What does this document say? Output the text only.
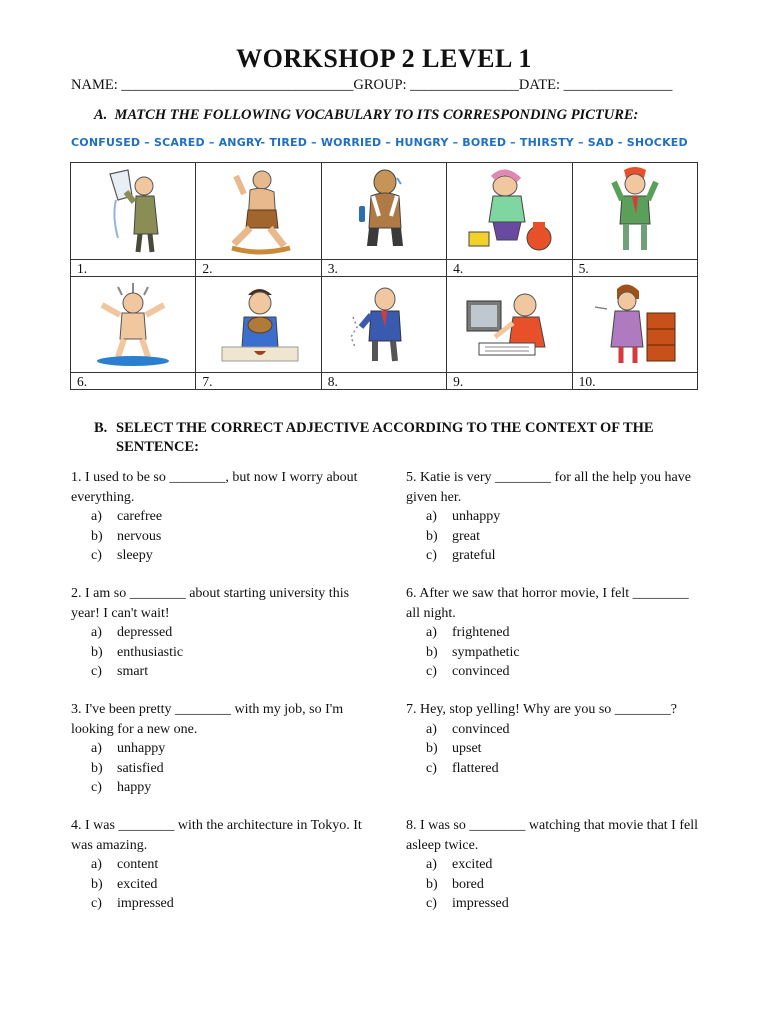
WORKSHOP 2 LEVEL 1
NAME: ________________________________GROUP: _______________DATE: _______________
A. MATCH THE FOLLOWING VOCABULARY TO ITS CORRESPONDING PICTURE:
CONFUSED – SCARED – ANGRY- TIRED – WORRIED – HUNGRY – BORED – THIRSTY – SAD - SHOCKED

1.	2.	3.	4.	5.

6.	7.	8.	9.	10.
B. SELECT THE CORRECT ADJECTIVE ACCORDING TO THE CONTEXT OF THE SENTENCE:
1. I used to be so ________, but now I worry about everything.
a) carefree
b) nervous
c) sleepy
2. I am so ________ about starting university this year! I can't wait!
a) depressed
b) enthusiastic
c) smart
3. I've been pretty ________ with my job, so I'm looking for a new one.
a) unhappy
b) satisfied
c) happy
4. I was ________ with the architecture in Tokyo. It was amazing.
a) content
b) excited
c) impressed
5. Katie is very ________ for all the help you have given her.
a) unhappy
b) great
c) grateful
6. After we saw that horror movie, I felt ________ all night.
a) frightened
b) sympathetic
c) convinced
7. Hey, stop yelling! Why are you so ________?
a) convinced
b) upset
c) flattered
8. I was so ________ watching that movie that I fell asleep twice.
a) excited
b) bored
c) impressed
